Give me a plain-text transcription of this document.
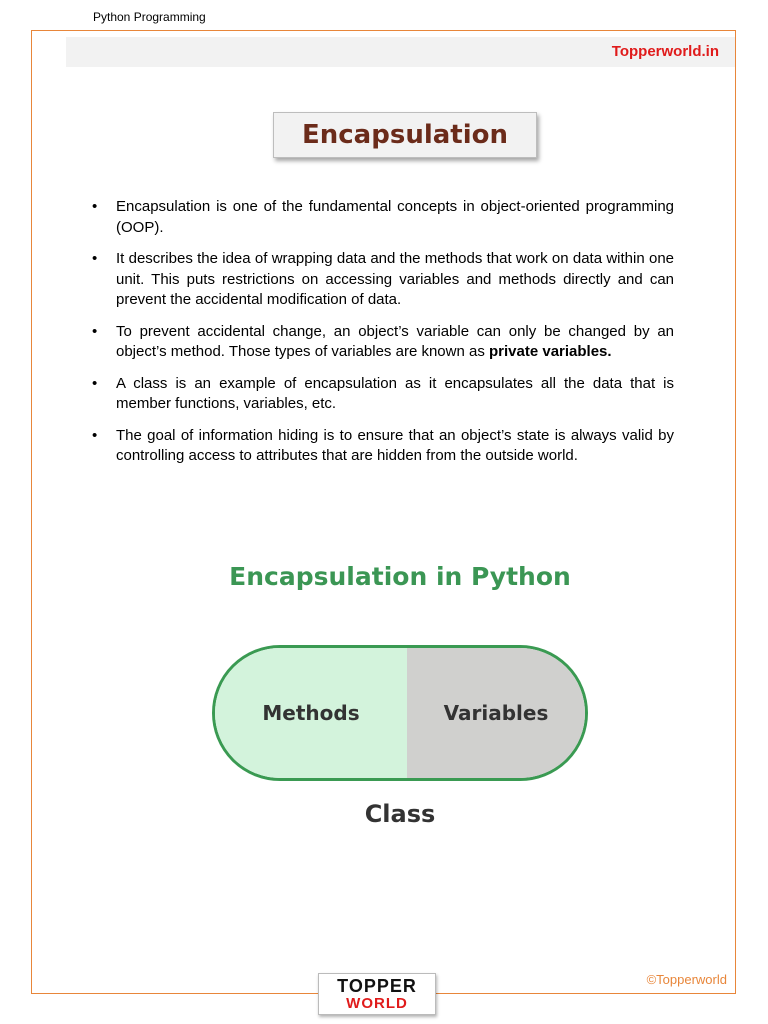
Python Programming
Topperworld.in
Encapsulation
• Encapsulation is one of the fundamental concepts in object-oriented programming (OOP).
• It describes the idea of wrapping data and the methods that work on data within one unit. This puts restrictions on accessing variables and methods directly and can prevent the accidental modification of data.
• To prevent accidental change, an object’s variable can only be changed by an object’s method. Those types of variables are known as private variables.
• A class is an example of encapsulation as it encapsulates all the data that is member functions, variables, etc.
• The goal of information hiding is to ensure that an object’s state is always valid by controlling access to attributes that are hidden from the outside world.
Encapsulation in Python
Methods	Variables
Class
©Topperworld
TOPPER
WORLD
